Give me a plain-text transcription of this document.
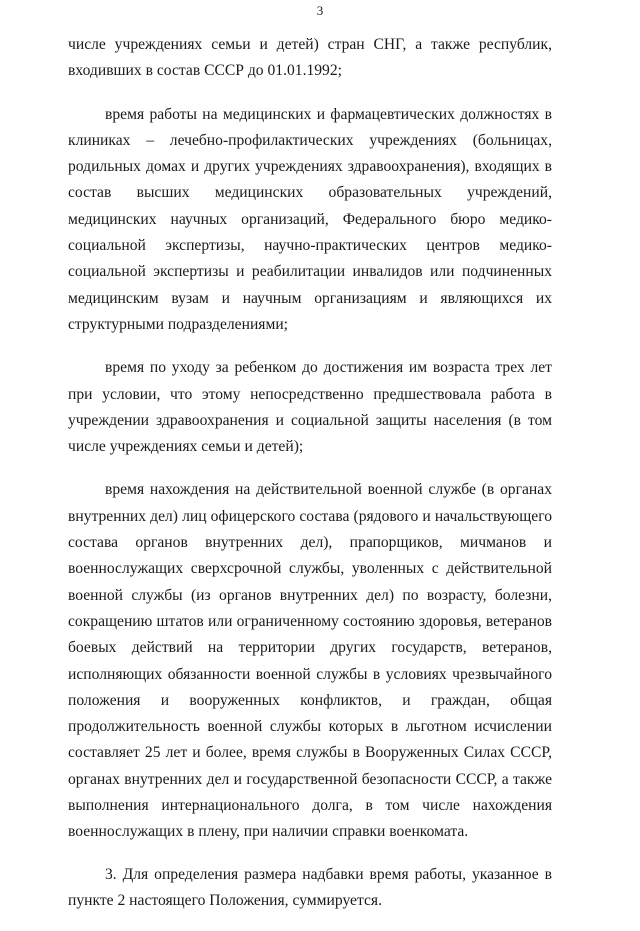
3

числе учреждениях семьи и детей) стран СНГ, а также республик, входивших в состав СССР до 01.01.1992;

время работы на медицинских и фармацевтических должностях в клиниках – лечебно-профилактических учреждениях (больницах, родильных домах и других учреждениях здравоохранения), входящих в состав высших медицинских образовательных учреждений, медицинских научных организаций, Федерального бюро медико-социальной экспертизы, научно-практических центров медико-социальной экспертизы и реабилитации инвалидов или подчиненных медицинским вузам и научным организациям и являющихся их структурными подразделениями;

время по уходу за ребенком до достижения им возраста трех лет при условии, что этому непосредственно предшествовала работа в учреждении здравоохранения и социальной защиты населения (в том числе учреждениях семьи и детей);

время нахождения на действительной военной службе (в органах внутренних дел) лиц офицерского состава (рядового и начальствующего состава органов внутренних дел), прапорщиков, мичманов и военнослужащих сверхсрочной службы, уволенных с действительной военной службы (из органов внутренних дел) по возрасту, болезни, сокращению штатов или ограниченному состоянию здоровья, ветеранов боевых действий на территории других государств, ветеранов, исполняющих обязанности военной службы в условиях чрезвычайного положения и вооруженных конфликтов, и граждан, общая продолжительность военной службы которых в льготном исчислении составляет 25 лет и более, время службы в Вооруженных Силах СССР, органах внутренних дел и государственной безопасности СССР, а также выполнения интернационального долга, в том числе нахождения военнослужащих в плену, при наличии справки военкомата.

3. Для определения размера надбавки время работы, указанное в пункте 2 настоящего Положения, суммируется.
